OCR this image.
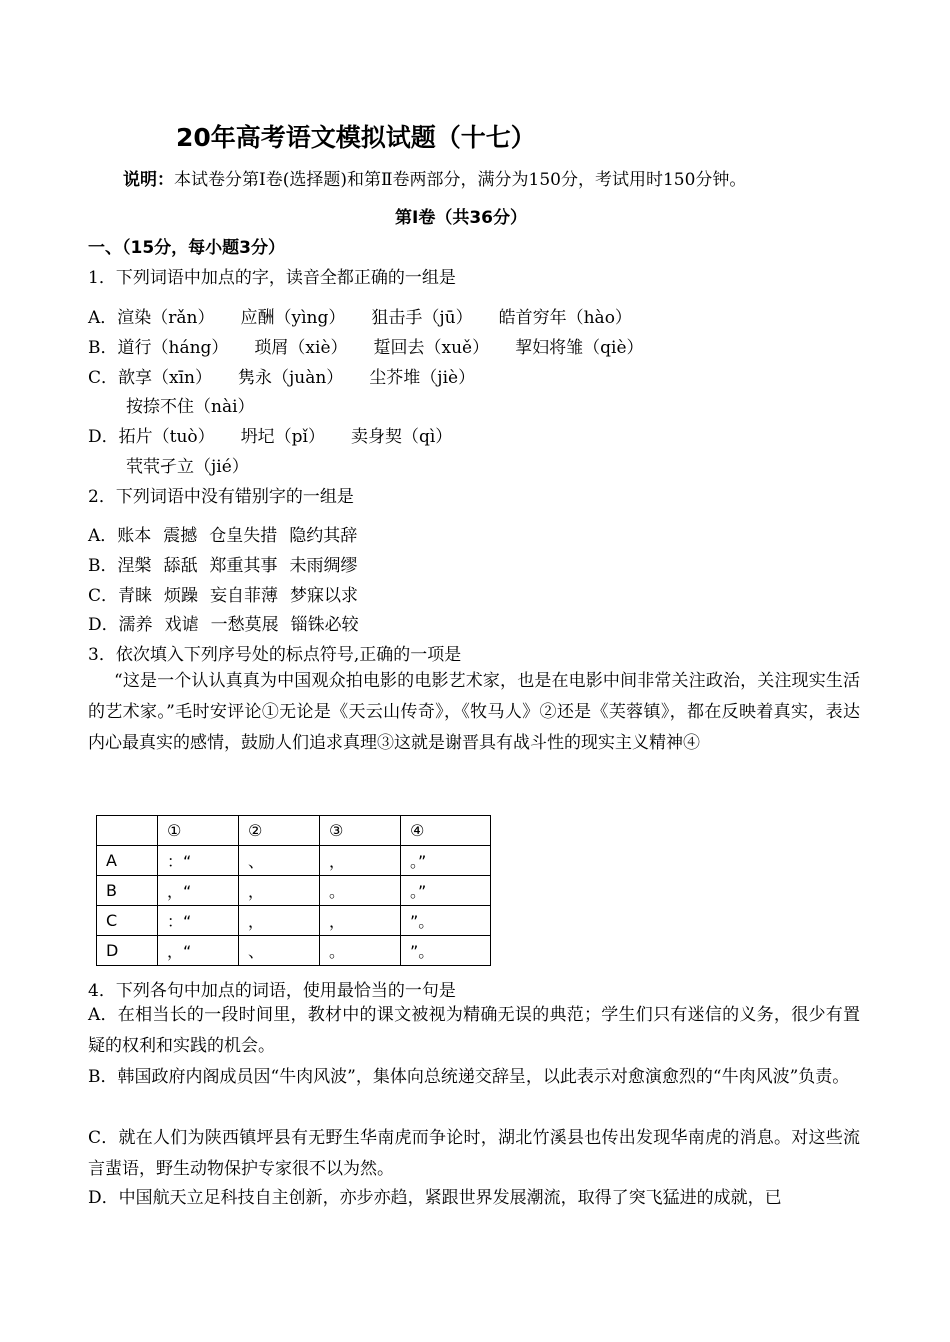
20年高考语文模拟试题（十七）
说明：本试卷分第Ⅰ卷(选择题)和第Ⅱ卷两部分，满分为150分，考试用时150分钟。
第Ⅰ卷（共36分）
一、（15分，每小题3分）
1．下列词语中加点的字，读音全都正确的一组是
A．渲染（rǎn） 应酬（yìng） 狙击手（jū） 皓首穷年（hào）
B．道行（háng） 琐屑（xiè） 踅回去（xuě） 挈妇将雏（qiè）
C．歆享（xīn） 隽永（juàn） 尘芥堆（jiè）
按捺不住（nài）
D．拓片（tuò） 坍圮（pǐ） 卖身契（qì）
茕茕孑立（jié）
2．下列词语中没有错别字的一组是
A．账本 震撼 仓皇失措 隐约其辞
B．涅槃 舔舐 郑重其事 未雨绸缪
C．青睐 烦躁 妄自菲薄 梦寐以求
D．濡养 戏谑 一愁莫展 锱铢必较
3．依次填入下列序号处的标点符号,正确的一项是
“这是一个认认真真为中国观众拍电影的电影艺术家，也是在电影中间非常关注政治，关注现实生活的艺术家。”毛时安评论①无论是《天云山传奇》，《牧马人》②还是《芙蓉镇》，都在反映着真实，表达内心最真实的感情，鼓励人们追求真理③这就是谢晋具有战斗性的现实主义精神④
	①	②	③	④
A	：“	、	，	。”
B	，“	，	。	。”
C	：“	，	，	”。
D	，“	、	。	”。
4．下列各句中加点的词语，使用最恰当的一句是
A．在相当长的一段时间里，教材中的课文被视为精确无误的典范；学生们只有迷信的义务，很少有置疑的权利和实践的机会。
B．韩国政府内阁成员因“牛肉风波”，集体向总统递交辞呈，以此表示对愈演愈烈的“牛肉风波”负责。
C．就在人们为陕西镇坪县有无野生华南虎而争论时，湖北竹溪县也传出发现华南虎的消息。对这些流言蜚语，野生动物保护专家很不以为然。
D．中国航天立足科技自主创新，亦步亦趋，紧跟世界发展潮流，取得了突飞猛进的成就，已
